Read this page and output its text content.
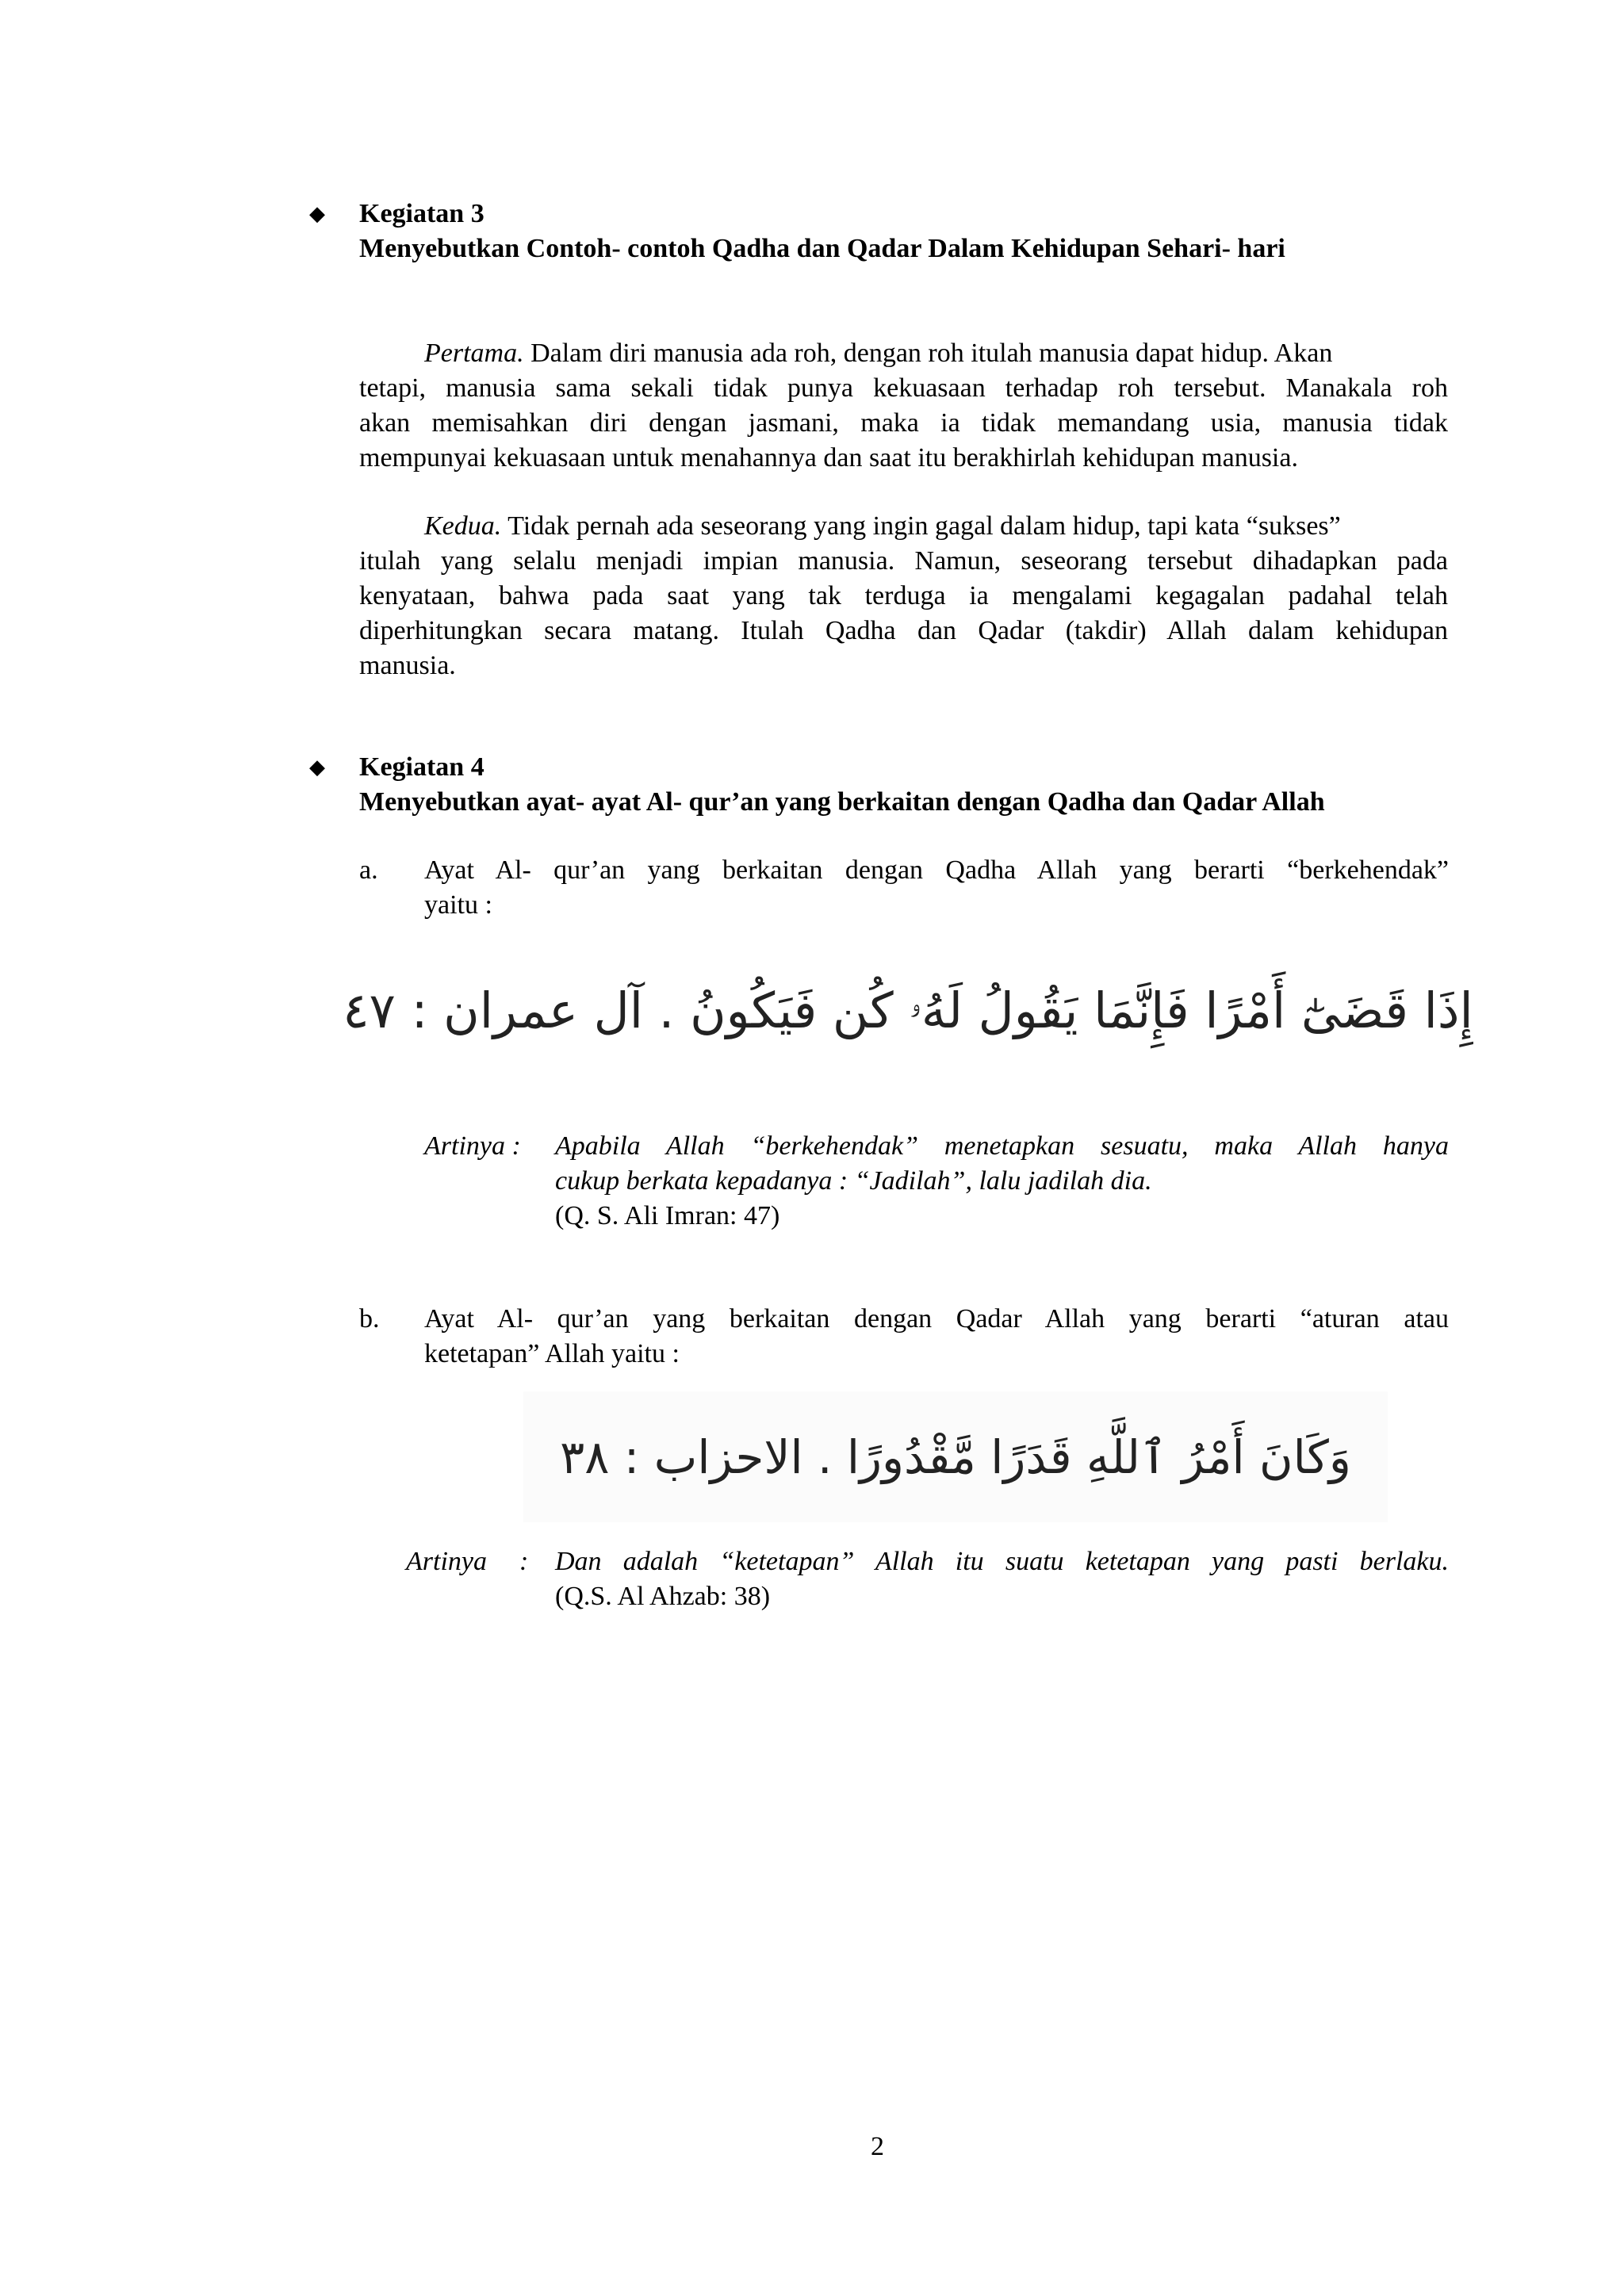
◆ Kegiatan 3
Menyebutkan Contoh- contoh Qadha dan Qadar Dalam Kehidupan Sehari- hari
Pertama. Dalam diri manusia ada roh, dengan roh itulah manusia dapat hidup. Akan
tetapi, manusia sama sekali tidak punya kekuasaan terhadap roh tersebut. Manakala roh
akan memisahkan diri dengan jasmani, maka ia tidak memandang usia, manusia tidak
mempunyai kekuasaan untuk menahannya dan saat itu berakhirlah kehidupan manusia.
Kedua. Tidak pernah ada seseorang yang ingin gagal dalam hidup, tapi kata “sukses”
itulah yang selalu menjadi impian manusia. Namun, seseorang tersebut dihadapkan pada
kenyataan, bahwa pada saat yang tak terduga ia mengalami kegagalan padahal telah
diperhitungkan secara matang. Itulah Qadha dan Qadar (takdir) Allah dalam kehidupan
manusia.
◆ Kegiatan 4
Menyebutkan ayat- ayat Al- qur’an yang berkaitan dengan Qadha dan Qadar Allah
a. Ayat Al- qur’an yang berkaitan dengan Qadha Allah yang berarti “berkehendak”
yaitu :
إِذَا قَضَىٰٓ أَمْرًا فَإِنَّمَا يَقُولُ لَهُۥ كُن فَيَكُونُ . آل عمران : ٤٧
Artinya : Apabila Allah “berkehendak” menetapkan sesuatu, maka Allah hanya
cukup berkata kepadanya : “Jadilah”, lalu jadilah dia.
(Q. S. Ali Imran: 47)
b. Ayat Al- qur’an yang berkaitan dengan Qadar Allah yang berarti “aturan atau
ketetapan” Allah yaitu :
وَكَانَ أَمْرُ ٱللَّهِ قَدَرًا مَّقْدُورًا . الاحزاب : ٣٨
Artinya : Dan adalah “ketetapan” Allah itu suatu ketetapan yang pasti berlaku.
(Q.S. Al Ahzab: 38)
2
